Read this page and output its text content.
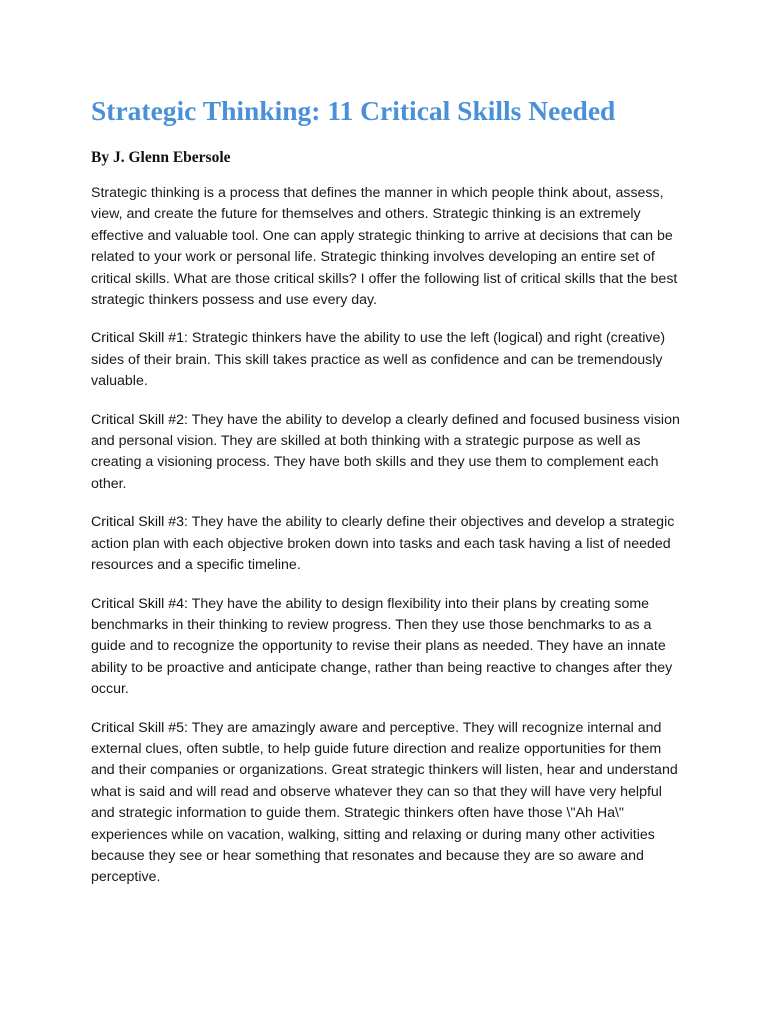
Strategic Thinking: 11 Critical Skills Needed

By J. Glenn Ebersole

Strategic thinking is a process that defines the manner in which people think about, assess, view, and create the future for themselves and others. Strategic thinking is an extremely effective and valuable tool. One can apply strategic thinking to arrive at decisions that can be related to your work or personal life. Strategic thinking involves developing an entire set of critical skills. What are those critical skills? I offer the following list of critical skills that the best strategic thinkers possess and use every day.

Critical Skill #1: Strategic thinkers have the ability to use the left (logical) and right (creative) sides of their brain. This skill takes practice as well as confidence and can be tremendously valuable.

Critical Skill #2: They have the ability to develop a clearly defined and focused business vision and personal vision. They are skilled at both thinking with a strategic purpose as well as creating a visioning process. They have both skills and they use them to complement each other.

Critical Skill #3: They have the ability to clearly define their objectives and develop a strategic action plan with each objective broken down into tasks and each task having a list of needed resources and a specific timeline.

Critical Skill #4: They have the ability to design flexibility into their plans by creating some benchmarks in their thinking to review progress. Then they use those benchmarks to as a guide and to recognize the opportunity to revise their plans as needed. They have an innate ability to be proactive and anticipate change, rather than being reactive to changes after they occur.

Critical Skill #5: They are amazingly aware and perceptive. They will recognize internal and external clues, often subtle, to help guide future direction and realize opportunities for them and their companies or organizations. Great strategic thinkers will listen, hear and understand what is said and will read and observe whatever they can so that they will have very helpful and strategic information to guide them. Strategic thinkers often have those \"Ah Ha\" experiences while on vacation, walking, sitting and relaxing or during many other activities because they see or hear something that resonates and because they are so aware and perceptive.
